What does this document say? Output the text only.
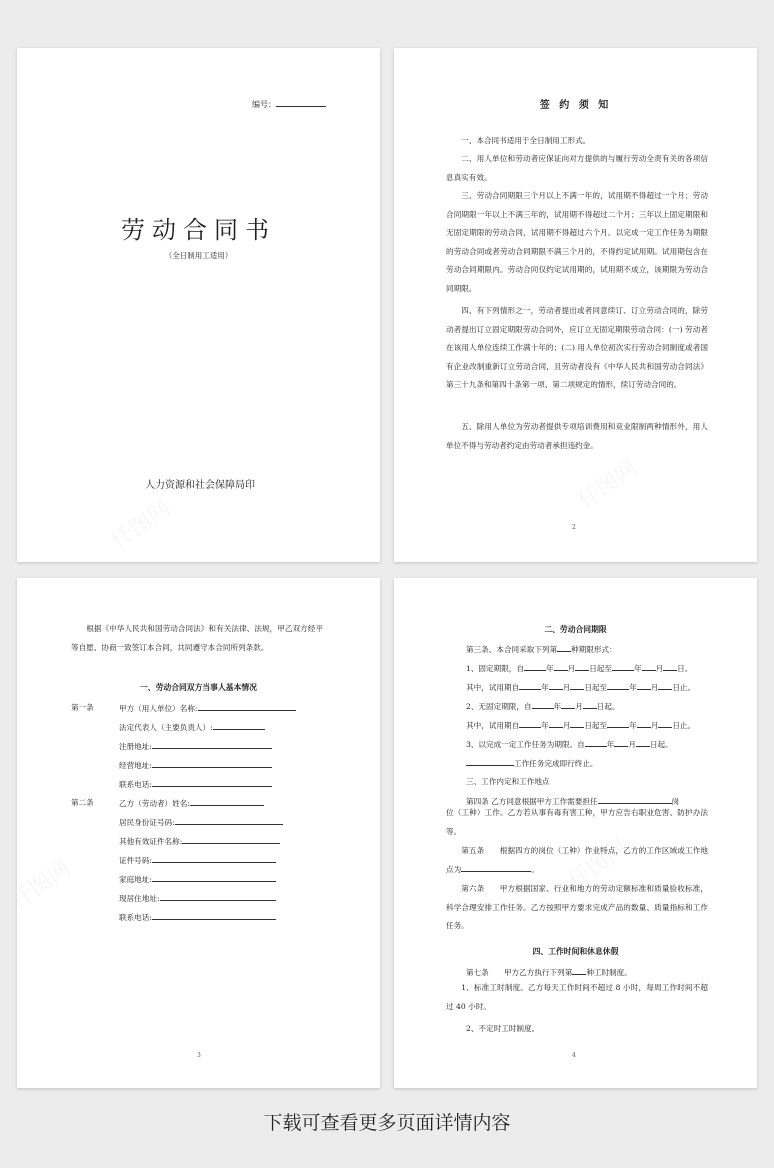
编号：
劳动合同书
（全日制用工适用）
人力资源和社会保障局印
签 约 须 知
一、本合同书适用于全日制用工形式。
二、用人单位和劳动者应保证向对方提供的与履行劳动全责有关的各项信息真实有效。
三、劳动合同期限三个月以上不满一年的，试用期不得超过一个月；劳动合同期限一年以上不满三年的，试用期不得超过二个月；三年以上固定期限和无固定期限的劳动合同，试用期不得超过六个月。以完成一定工作任务为期限的劳动合同或者劳动合同期限不满三个月的，不得约定试用期。试用期包含在劳动合同期限内。劳动合同仅约定试用期的，试用期不成立，该期限为劳动合同期限。
四、有下列情形之一，劳动者提出或者同意续订、订立劳动合同的，除劳动者提出订立固定期限劳动合同外，应订立无固定期限劳动合同：(一) 劳动者在该用人单位连续工作满十年的；(二) 用人单位初次实行劳动合同制度或者国有企业改制重新订立劳动合同，且劳动者没有《中华人民共和国劳动合同法》第三十九条和第四十条第一项、第二项规定的情形，续订劳动合同的。
五、除用人单位为劳动者提供专项培训费用和竞业限制两种情形外，用人单位不得与劳动者约定由劳动者承担违约金。
2
根据《中华人民共和国劳动合同法》和有关法律、法规，甲乙双方经平等自愿、协商一致签订本合同，共同遵守本合同所列条款。
一、劳动合同双方当事人基本情况
第一条	甲方（用人单位）名称:
法定代表人（主要负责人）:
注册地址:
经营地址:
联系电话:
第二条	乙方（劳动者）姓名:
居民身份证号码:
其他有效证件名称:
证件号码:
家庭地址:
现居住地址:
联系电话:
3
二、劳动合同期限
第三条、本合同采取下列第 种期限形式：
1、固定期限，自	年 月 日起至	年 月 日。
其中，试用期自	年 月 日起至	年 月 日止。
2、无固定期限，自	年 月 日起。
其中，试用期自	年 月 日起至	年 月 日止。
3、以完成一定工作任务为期限。自	年 月 日起。
工作任务完成即行终止。
三、工作内定和工作地点
第四条 乙方同意根据甲方工作需要担任	岗
位（工种）工作。乙方若从事有毒有害工种，甲方应告右职业危害、防护办法等。
第五条　　根据四方的岗位（工种）作业特点，乙方的工作区域或工作地点为	。
第六条　　甲方根据国家、行业和地方的劳动定额标准和质量验收标准，科学合理安排工作任务。乙方按照甲方要求完成产品的数量、质量指标和工作任务。
四、工作时间和休息休假
第七条　　甲方乙方执行下列第 种工时制度。
1、标准工时制度。乙方每天工作时间不超过 8 小时，每周工作时间不超过 40 小时。
2、不定时工时制度。
4
下载可查看更多页面详情内容
